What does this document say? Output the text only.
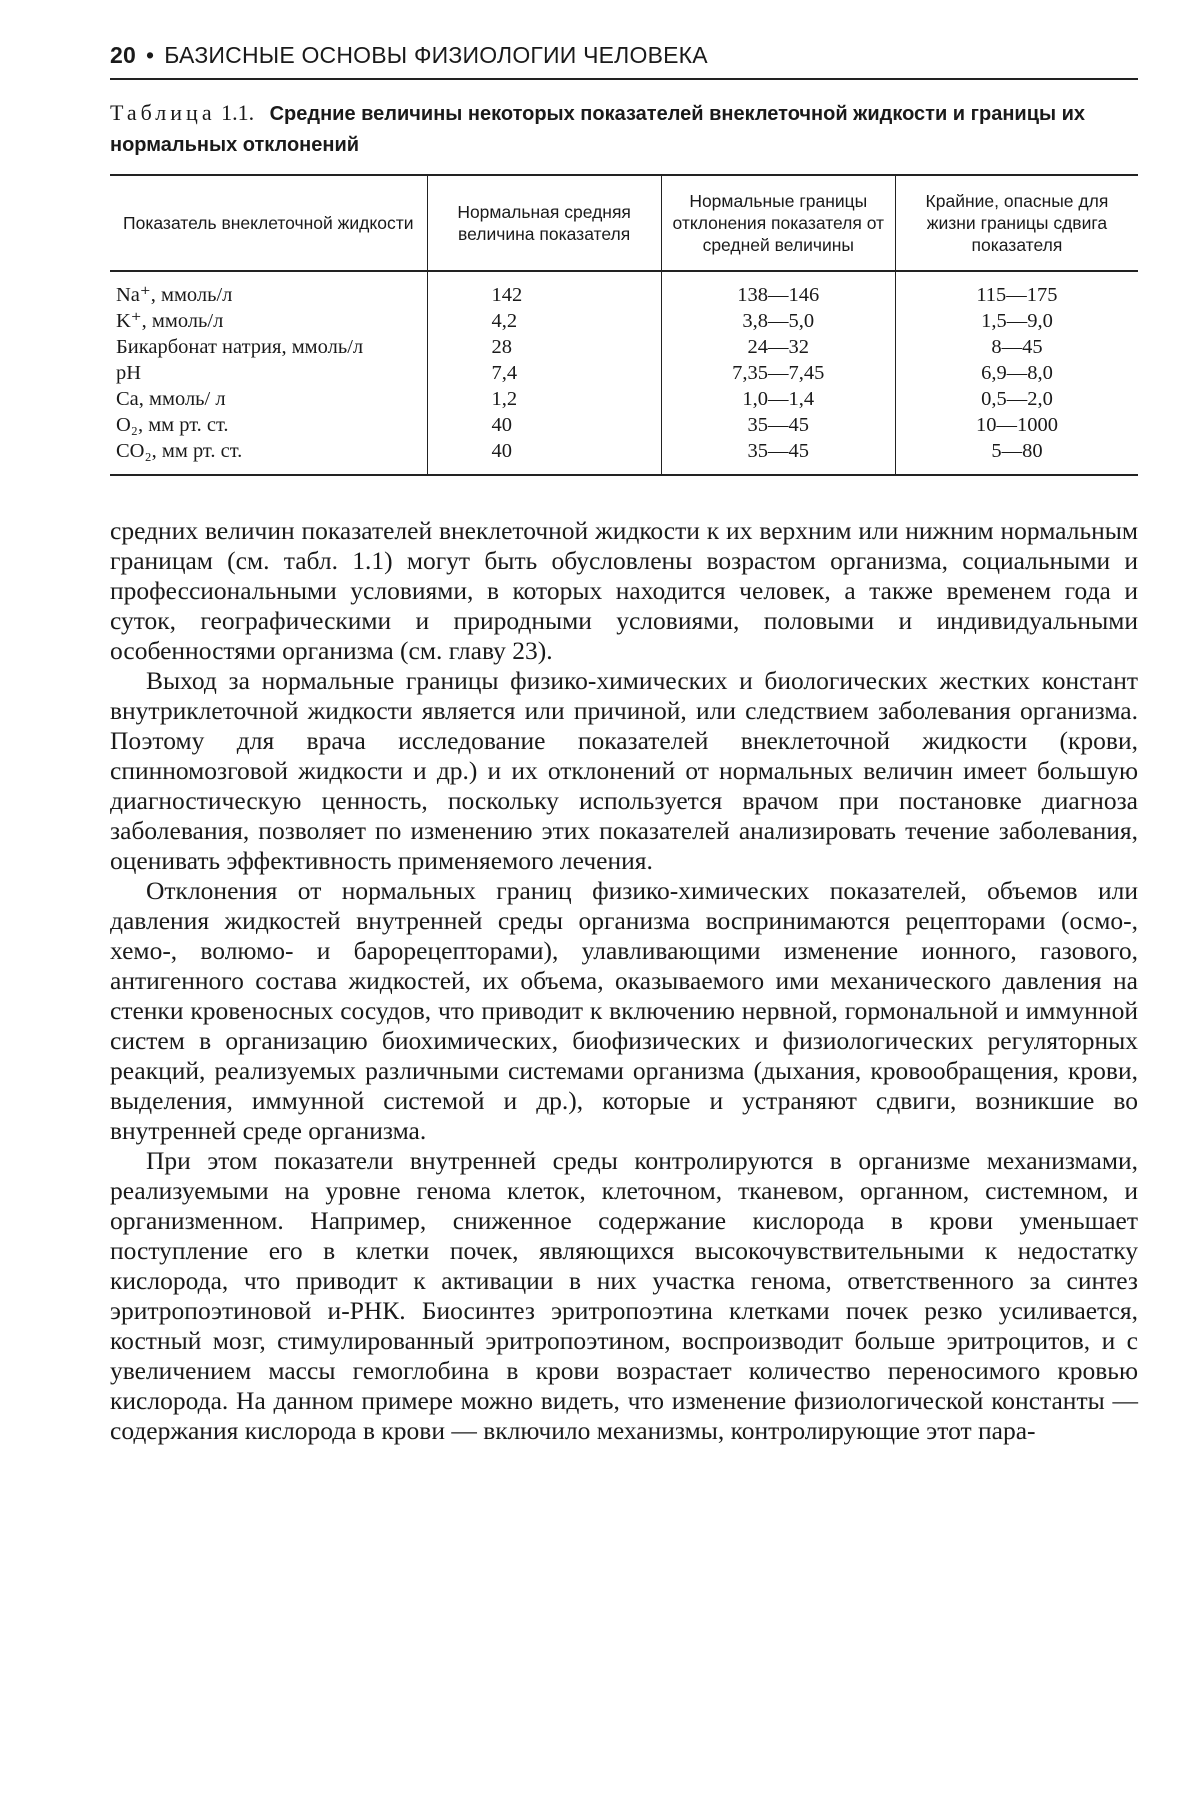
20 • БАЗИСНЫЕ ОСНОВЫ ФИЗИОЛОГИИ ЧЕЛОВЕКА
Таблица 1.1. Средние величины некоторых показателей внеклеточной жидкости и границы их нормальных отклонений
Показатель внеклеточной жидкости	Нормальная средняя величина показателя	Нормальные границы отклонения показателя от средней величины	Крайние, опасные для жизни границы сдвига показателя
Na⁺, ммоль/л	142	138—146	115—175
K⁺, ммоль/л	4,2	3,8—5,0	1,5—9,0
Бикарбонат натрия, ммоль/л	28	24—32	8—45
pH	7,4	7,35—7,45	6,9—8,0
Са, ммоль/ л	1,2	1,0—1,4	0,5—2,0
O₂, мм рт. ст.	40	35—45	10—1000
CO₂, мм рт. ст.	40	35—45	5—80

средних величин показателей внеклеточной жидкости к их верхним или нижним нормальным границам (см. табл. 1.1) могут быть обусловлены возрастом организма, социальными и профессиональными условиями, в которых находится человек, а также временем года и суток, географическими и природными условиями, половыми и индивидуальными особенностями организма (см. главу 23).

Выход за нормальные границы физико-химических и биологических жестких констант внутриклеточной жидкости является или причиной, или следствием заболевания организма. Поэтому для врача исследование показателей внеклеточной жидкости (крови, спинномозговой жидкости и др.) и их отклонений от нормальных величин имеет большую диагностическую ценность, поскольку используется врачом при постановке диагноза заболевания, позволяет по изменению этих показателей анализировать течение заболевания, оценивать эффективность применяемого лечения.

Отклонения от нормальных границ физико-химических показателей, объемов или давления жидкостей внутренней среды организма воспринимаются рецепторами (осмо-, хемо-, волюмо- и барорецепторами), улавливающими изменение ионного, газового, антигенного состава жидкостей, их объема, оказываемого ими механического давления на стенки кровеносных сосудов, что приводит к включению нервной, гормональной и иммунной систем в организацию биохимических, биофизических и физиологических регуляторных реакций, реализуемых различными системами организма (дыхания, кровообращения, крови, выделения, иммунной системой и др.), которые и устраняют сдвиги, возникшие во внутренней среде организма.

При этом показатели внутренней среды контролируются в организме механизмами, реализуемыми на уровне генома клеток, клеточном, тканевом, органном, системном, и организменном. Например, сниженное содержание кислорода в крови уменьшает поступление его в клетки почек, являющихся высокочувствительными к недостатку кислорода, что приводит к активации в них участка генома, ответственного за синтез эритропоэтиновой и-РНК. Биосинтез эритропоэтина клетками почек резко усиливается, костный мозг, стимулированный эритропоэтином, воспроизводит больше эритроцитов, и с увеличением массы гемоглобина в крови возрастает количество переносимого кровью кислорода. На данном примере можно видеть, что изменение физиологической константы — содержания кислорода в крови — включило механизмы, контролирующие этот пара-
